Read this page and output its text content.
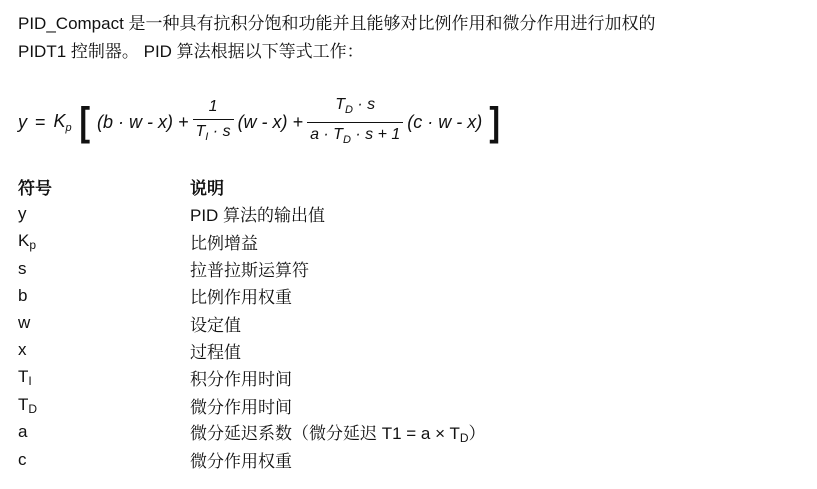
PID_Compact 是一种具有抗积分饱和功能并且能够对比例作用和微分作用进行加权的

PIDT1 控制器。 PID 算法根据以下等式工作：

$y = K_p$ [ $(b \cdot w - x) + \frac{1}{T_I \cdot s} (w - x) + \frac{T_D \cdot s}{a \cdot T_D \cdot s + 1} (c \cdot w - x)$ ]
符号	说明
y	PID 算法的输出值
$K_p$	比例增益
s	拉普拉斯运算符
b	比例作用权重
w	设定值
x	过程值
$T_I$	积分作用时间
$T_D$	微分作用时间
a	微分延迟系数（微分延迟 $T1 = a \times T_D$）
c	微分作用权重
